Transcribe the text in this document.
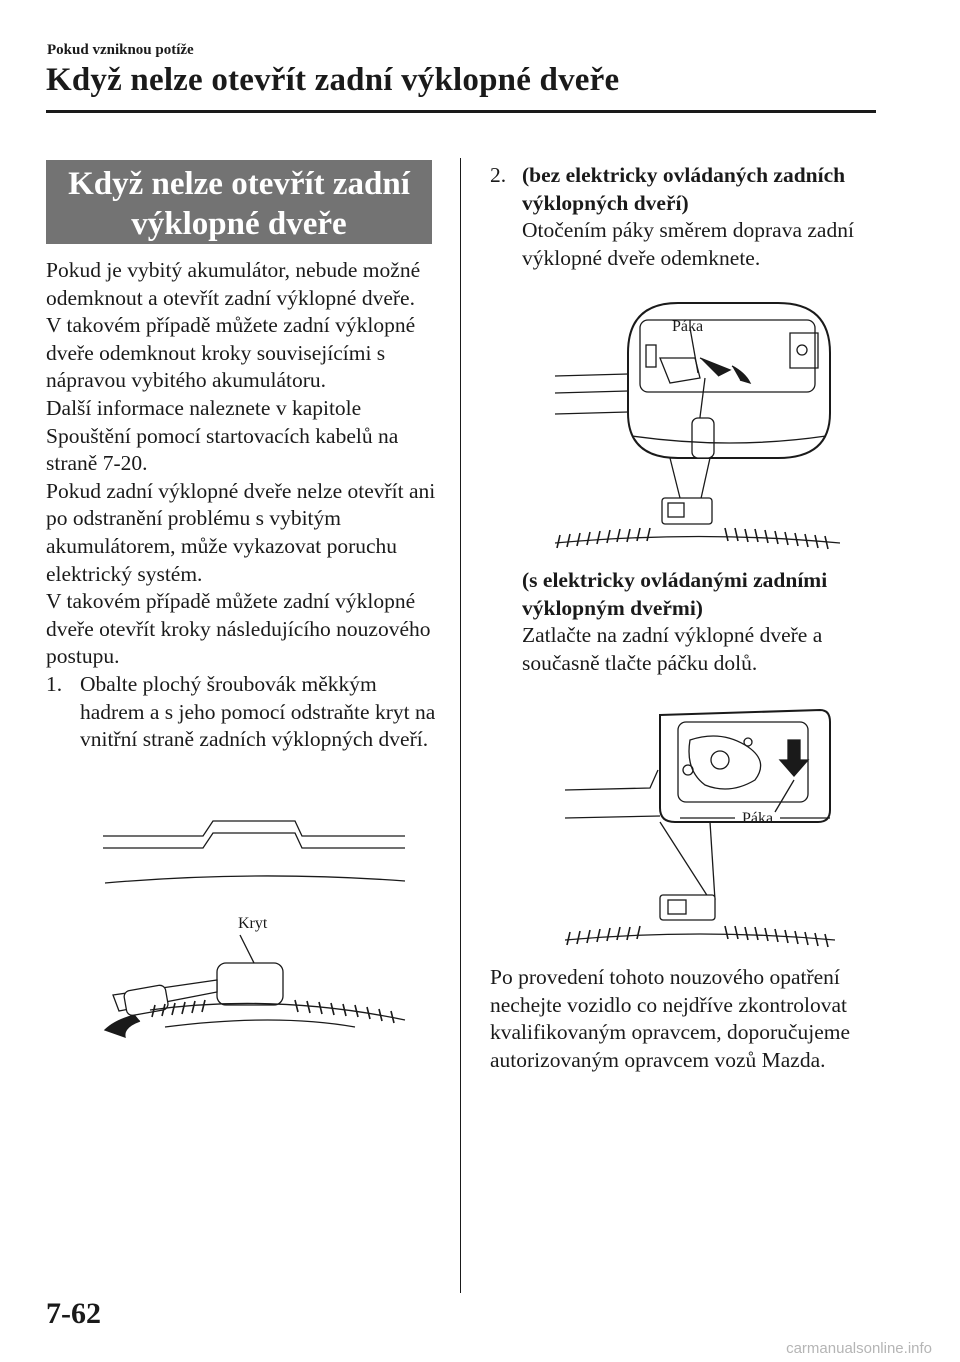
Pokud vzniknou potíže
Když nelze otevřít zadní výklopné dveře
Když nelze otevřít zadní
výklopné dveře

Pokud je vybitý akumulátor, nebude možné odemknout a otevřít zadní výklopné dveře.

V takovém případě můžete zadní výklopné dveře odemknout kroky souvisejícími s nápravou vybitého akumulátoru.

Další informace naleznete v kapitole Spouštění pomocí startovacích kabelů na straně 7-20.

Pokud zadní výklopné dveře nelze otevřít ani po odstranění problému s vybitým akumulátorem, může vykazovat poruchu elektrický systém.

V takovém případě můžete zadní výklopné dveře otevřít kroky následujícího nouzového postupu.

1. Obalte plochý šroubovák měkkým hadrem a s jeho pomocí odstraňte kryt na vnitřní straně zadních výklopných dveří.
Kryt
2. (bez elektricky ovládaných zadních výklopných dveří)

Otočením páky směrem doprava zadní výklopné dveře odemknete.

Páka

(s elektricky ovládanými zadními výklopným dveřmi)

Zatlačte na zadní výklopné dveře a současně tlačte páčku dolů.

Páka

Po provedení tohoto nouzového opatření nechejte vozidlo co nejdříve zkontrolovat kvalifikovaným opravcem, doporučujeme autorizovaným opravcem vozů Mazda.

7-62
carmanualsonline.info
